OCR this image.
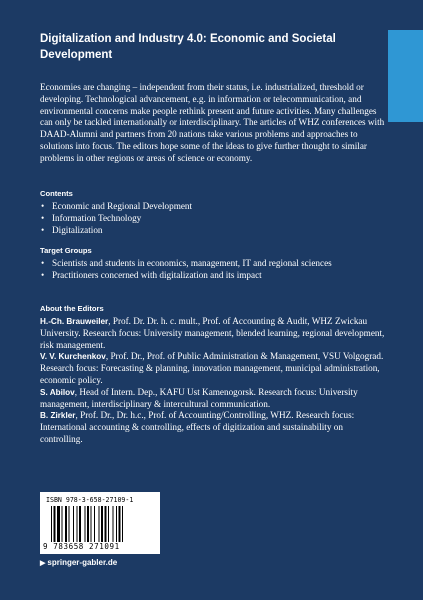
Digitalization and Industry 4.0: Economic and Societal Development

Economies are changing – independent from their status, i.e. industrialized, threshold or developing. Technological advancement, e.g. in information or telecommunication, and environmental concerns make people rethink present and future activities. Many challenges can only be tackled internationally or interdisciplinary. The articles of WHZ conferences with DAAD-Alumni and partners from 20 nations take various problems and approaches to solutions into focus. The editors hope some of the ideas to give further thought to similar problems in other regions or areas of science or economy.

Contents
• Economic and Regional Development
• Information Technology
• Digitalization
Target Groups
• Scientists and students in economics, management, IT and regional sciences
• Practitioners concerned with digitalization and its impact
About the Editors

H.-Ch. Brauweiler, Prof. Dr. Dr. h. c. mult., Prof. of Accounting & Audit, WHZ Zwickau University. Research focus: University management, blended learning, regional development, risk management.

V. V. Kurchenkov, Prof. Dr., Prof. of Public Administration & Management, VSU Volgograd. Research focus: Forecasting & planning, innovation management, municipal administration, economic policy.

S. Abilov, Head of Intern. Dep., KAFU Ust Kamenogorsk. Research focus: University management, interdisciplinary & intercultural communication.

B. Zirkler, Prof. Dr., Dr. h.c., Prof. of Accounting/Controlling, WHZ. Research focus: International accounting & controlling, effects of digitization and sustainability on controlling.

ISBN 978-3-658-27109-1
9 783658 271091
▶ springer-gabler.de
